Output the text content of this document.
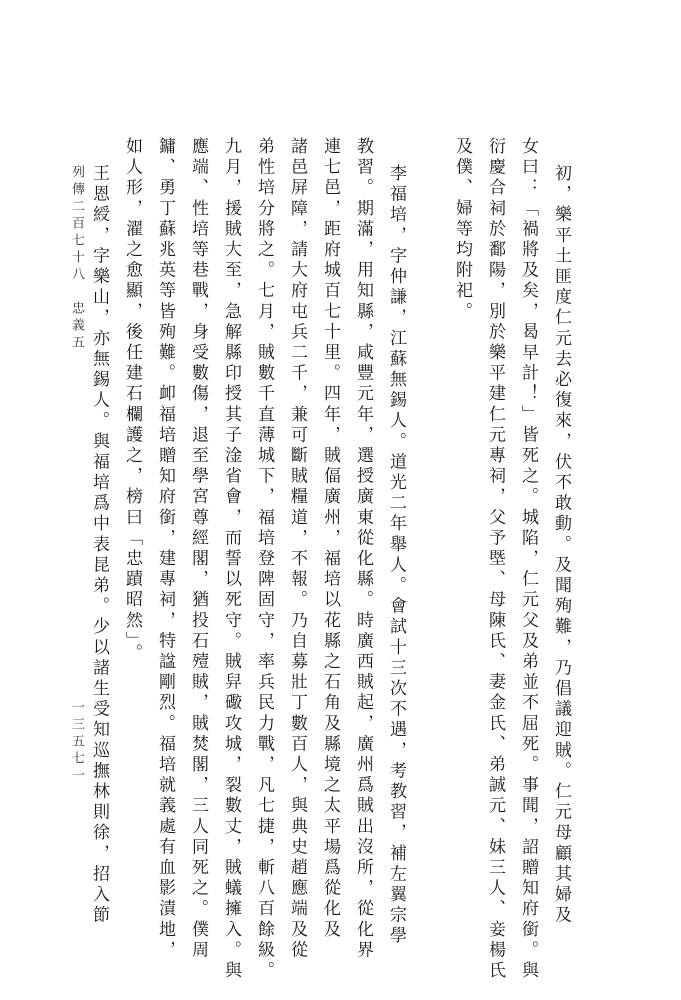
初，樂平土匪度仁元去必復來，伏不敢動。及聞殉難，乃倡議迎賊。仁元母顧其婦及
女曰：「禍將及矣，曷早計！」皆死之。城陷，仁元父及弟並不屈死。事聞，詔贈知府銜。與
衍慶合祠於鄱陽，別於樂平建仁元專祠，父予塈、母陳氏、妻金氏、弟誠元、妹三人、妾楊氏
及僕、婦等均附祀。
李福培，字仲謙，江蘇無錫人。道光二年舉人。會試十三次不遇，考教習，補左翼宗學
教習。期滿，用知縣，咸豐元年，選授廣東從化縣。時廣西賊起，廣州爲賊出沒所，從化界
連七邑，距府城百七十里。四年，賊偪廣州，福培以花縣之石角及縣境之太平場爲從化及
諸邑屏障，請大府屯兵二千，兼可斷賊糧道，不報。乃自募壯丁數百人，與典史趙應端及從
弟性培分將之。七月，賊數千直薄城下，福培登陴固守，率兵民力戰，凡七捷，斬八百餘級。
九月，援賊大至，急解縣印授其子淦省會，而誓以死守。賊舁礮攻城，裂數丈，賊蟻擁入。與
應端、性培等巷戰，身受數傷，退至學宮尊經閣，猶投石殪賊，賊焚閣，三人同死之。僕周
鏞、勇丁蘇兆英等皆殉難。卹福培贈知府銜，建專祠，特諡剛烈。福培就義處有血影漬地，
如人形，濯之愈顯，後任建石欄護之，榜曰「忠蹟昭然」。
王恩綬，字樂山，亦無錫人。與福培爲中表昆弟。少以諸生受知巡撫林則徐，招入節
列傳二百七十八　忠義五
一三五七一
